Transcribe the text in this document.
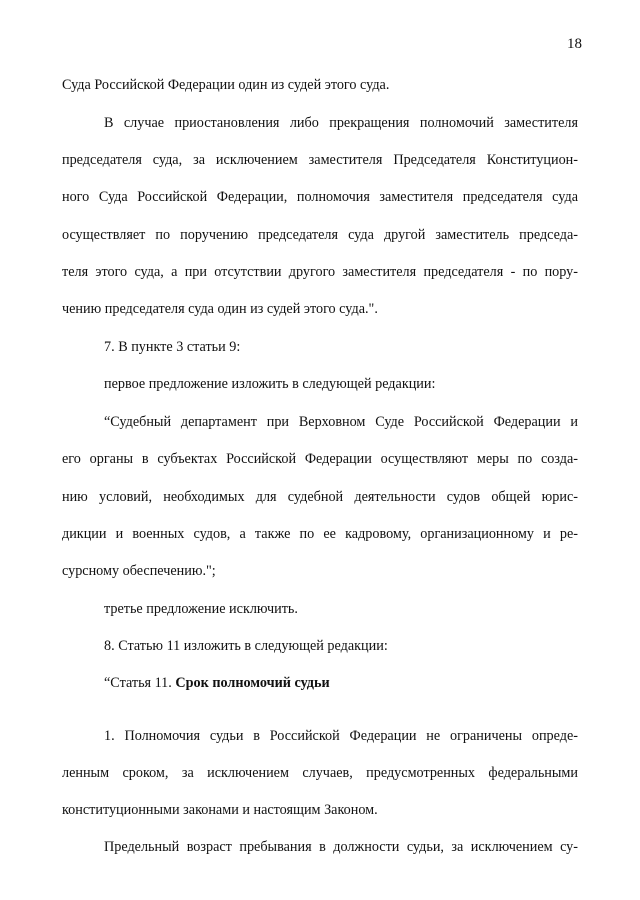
18
Суда Российской Федерации один из судей этого суда.
В случае приостановления либо прекращения полномочий заместителя
председателя суда, за исключением заместителя Председателя Конституцион-
ного Суда Российской Федерации, полномочия заместителя председателя суда
осуществляет по поручению председателя суда другой заместитель председа-
теля этого суда, а при отсутствии другого заместителя председателя - по пору-
чению председателя суда один из судей этого суда.".
7. В пункте 3 статьи 9:
первое предложение изложить в следующей редакции:
“Судебный департамент при Верховном Суде Российской Федерации и
его органы в субъектах Российской Федерации осуществляют меры по созда-
нию условий, необходимых для судебной деятельности судов общей юрис-
дикции и военных судов, а также по ее кадровому, организационному и ре-
сурсному обеспечению.";
третье предложение исключить.
8. Статью 11 изложить в следующей редакции:
“Статья 11. Срок полномочий судьи
1. Полномочия судьи в Российской Федерации не ограничены опреде-
ленным сроком, за исключением случаев, предусмотренных федеральными
конституционными законами и настоящим Законом.
Предельный возраст пребывания в должности судьи, за исключением су-
